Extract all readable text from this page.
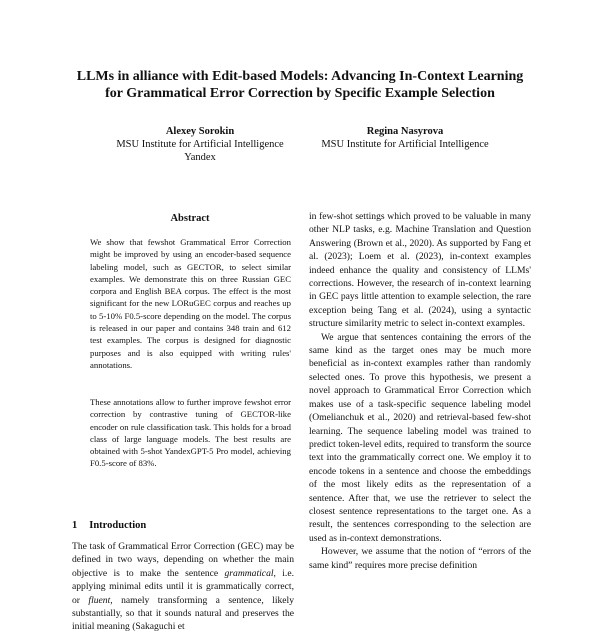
LLMs in alliance with Edit-based Models: Advancing In-Context Learning
for Grammatical Error Correction by Specific Example Selection
Alexey Sorokin
MSU Institute for Artificial Intelligence
Yandex
Regina Nasyrova
MSU Institute for Artificial Intelligence
Abstract

We show that fewshot Grammatical Error Correction might be improved by using an encoder-based sequence labeling model, such as GECTOR, to select similar examples. We demonstrate this on three Russian GEC corpora and English BEA corpus. The effect is the most significant for the new LORuGEC corpus and reaches up to 5-10% F0.5-score depending on the model. The corpus is released in our paper and contains 348 train and 612 test examples. The corpus is designed for diagnostic purposes and is also equipped with writing rules' annotations.

These annotations allow to further improve fewshot error correction by contrastive tuning of GECTOR-like encoder on rule classification task. This holds for a broad class of large language models. The best results are obtained with 5-shot YandexGPT-5 Pro model, achieving F0.5-score of 83%.

1 Introduction

The task of Grammatical Error Correction (GEC) may be defined in two ways, depending on whether the main objective is to make the sentence grammatical, i.e. applying minimal edits until it is grammatically correct, or fluent, namely transforming a sentence, likely substantially, so that it sounds natural and preserves the initial meaning (Sakaguchi et

in few-shot settings which proved to be valuable in many other NLP tasks, e.g. Machine Translation and Question Answering (Brown et al., 2020). As supported by Fang et al. (2023); Loem et al. (2023), in-context examples indeed enhance the quality and consistency of LLMs' corrections. However, the research of in-context learning in GEC pays little attention to example selection, the rare exception being Tang et al. (2024), using a syntactic structure similarity metric to select in-context examples.

We argue that sentences containing the errors of the same kind as the target ones may be much more beneficial as in-context examples rather than randomly selected ones. To prove this hypothesis, we present a novel approach to Grammatical Error Correction which makes use of a task-specific sequence labeling model (Omelianchuk et al., 2020) and retrieval-based few-shot learning. The sequence labeling model was trained to predict token-level edits, required to transform the source text into the grammatically correct one. We employ it to encode tokens in a sentence and choose the embeddings of the most likely edits as the representation of a sentence. After that, we use the retriever to select the closest sentence representations to the target one. As a result, the sentences corresponding to the selection are used as in-context demonstrations.

However, we assume that the notion of “errors of the same kind” requires more precise definition
